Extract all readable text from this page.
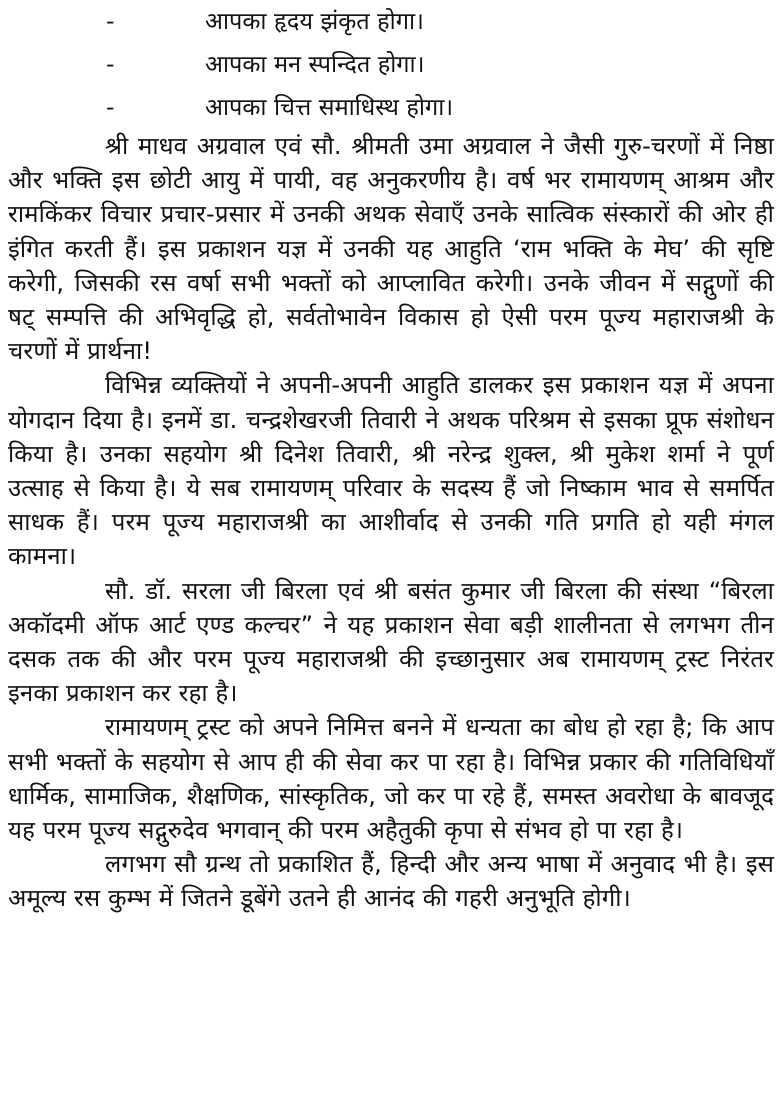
-	आपका हृदय झंकृत होगा।
-	आपका मन स्पन्दित होगा।
-	आपका चित्त समाधिस्थ होगा।

श्री माधव अग्रवाल एवं सौ. श्रीमती उमा अग्रवाल ने जैसी गुरु-चरणों में निष्ठा और भक्ति इस छोटी आयु में पायी, वह अनुकरणीय है। वर्ष भर रामायणम् आश्रम और रामकिंकर विचार प्रचार-प्रसार में उनकी अथक सेवाएँ उनके सात्विक संस्कारों की ओर ही इंगित करती हैं। इस प्रकाशन यज्ञ में उनकी यह आहुति ‘राम भक्ति के मेघ’ की सृष्टि करेगी, जिसकी रस वर्षा सभी भक्तों को आप्लावित करेगी। उनके जीवन में सद्गुणों की षट् सम्पत्ति की अभिवृद्धि हो, सर्वतोभावेन विकास हो ऐसी परम पूज्य महाराजश्री के चरणों में प्रार्थना!

विभिन्न व्यक्तियों ने अपनी-अपनी आहुति डालकर इस प्रकाशन यज्ञ में अपना योगदान दिया है। इनमें डा. चन्द्रशेखरजी तिवारी ने अथक परिश्रम से इसका प्रूफ संशोधन किया है। उनका सहयोग श्री दिनेश तिवारी, श्री नरेन्द्र शुक्ल, श्री मुकेश शर्मा ने पूर्ण उत्साह से किया है। ये सब रामायणम् परिवार के सदस्य हैं जो निष्काम भाव से समर्पित साधक हैं। परम पूज्य महाराजश्री का आशीर्वाद से उनकी गति प्रगति हो यही मंगल कामना।

सौ. डॉ. सरला जी बिरला एवं श्री बसंत कुमार जी बिरला की संस्था “बिरला अकॉदमी ऑफ आर्ट एण्ड कल्चर” ने यह प्रकाशन सेवा बड़ी शालीनता से लगभग तीन दसक तक की और परम पूज्य महाराजश्री की इच्छानुसार अब रामायणम् ट्रस्ट निरंतर इनका प्रकाशन कर रहा है।

रामायणम् ट्रस्ट को अपने निमित्त बनने में धन्यता का बोध हो रहा है; कि आप सभी भक्तों के सहयोग से आप ही की सेवा कर पा रहा है। विभिन्न प्रकार की गतिविधियाँ धार्मिक, सामाजिक, शैक्षणिक, सांस्कृतिक, जो कर पा रहे हैं, समस्त अवरोधा के बावजूद यह परम पूज्य सद्गुरुदेव भगवान् की परम अहैतुकी कृपा से संभव हो पा रहा है।

लगभग सौ ग्रन्थ तो प्रकाशित हैं, हिन्दी और अन्य भाषा में अनुवाद भी है। इस अमूल्य रस कुम्भ में जितने डूबेंगे उतने ही आनंद की गहरी अनुभूति होगी।
